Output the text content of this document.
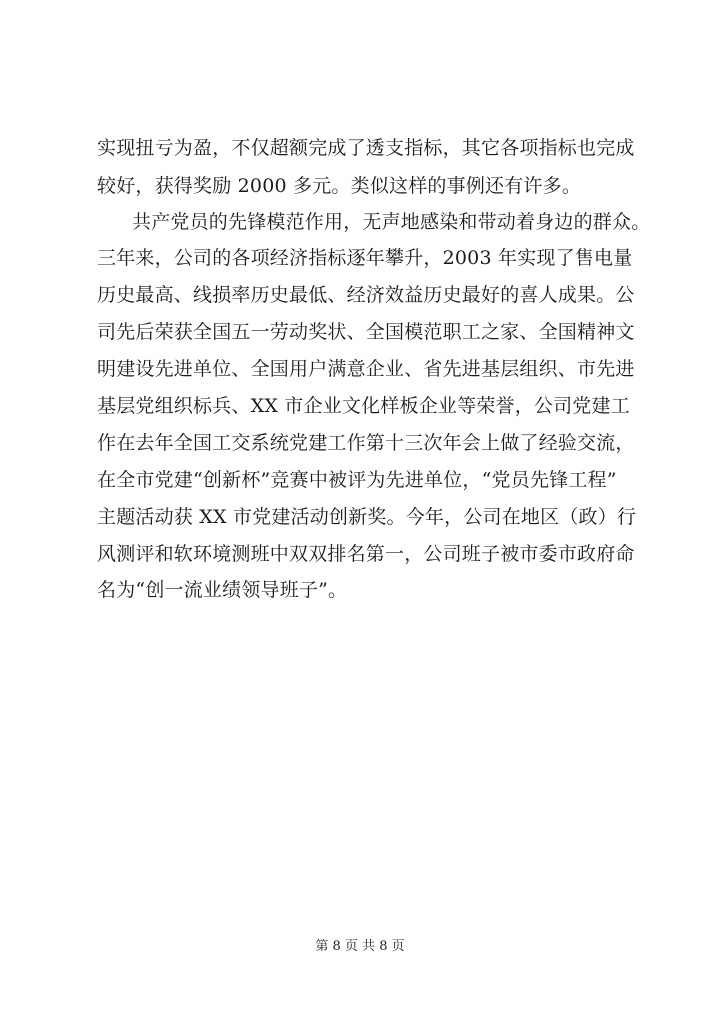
实现扭亏为盈，不仅超额完成了透支指标，其它各项指标也完成
较好，获得奖励 2000 多元。类似这样的事例还有许多。
共产党员的先锋模范作用，无声地感染和带动着身边的群众。
三年来，公司的各项经济指标逐年攀升，2003 年实现了售电量
历史最高、线损率历史最低、经济效益历史最好的喜人成果。公
司先后荣获全国五一劳动奖状、全国模范职工之家、全国精神文
明建设先进单位、全国用户满意企业、省先进基层组织、市先进
基层党组织标兵、XX 市企业文化样板企业等荣誉，公司党建工
作在去年全国工交系统党建工作第十三次年会上做了经验交流，
在全市党建“创新杯”竞赛中被评为先进单位，“党员先锋工程”
主题活动获 XX 市党建活动创新奖。今年，公司在地区（政）行
风测评和软环境测班中双双排名第一，公司班子被市委市政府命
名为“创一流业绩领导班子”。
第 8 页 共 8 页
